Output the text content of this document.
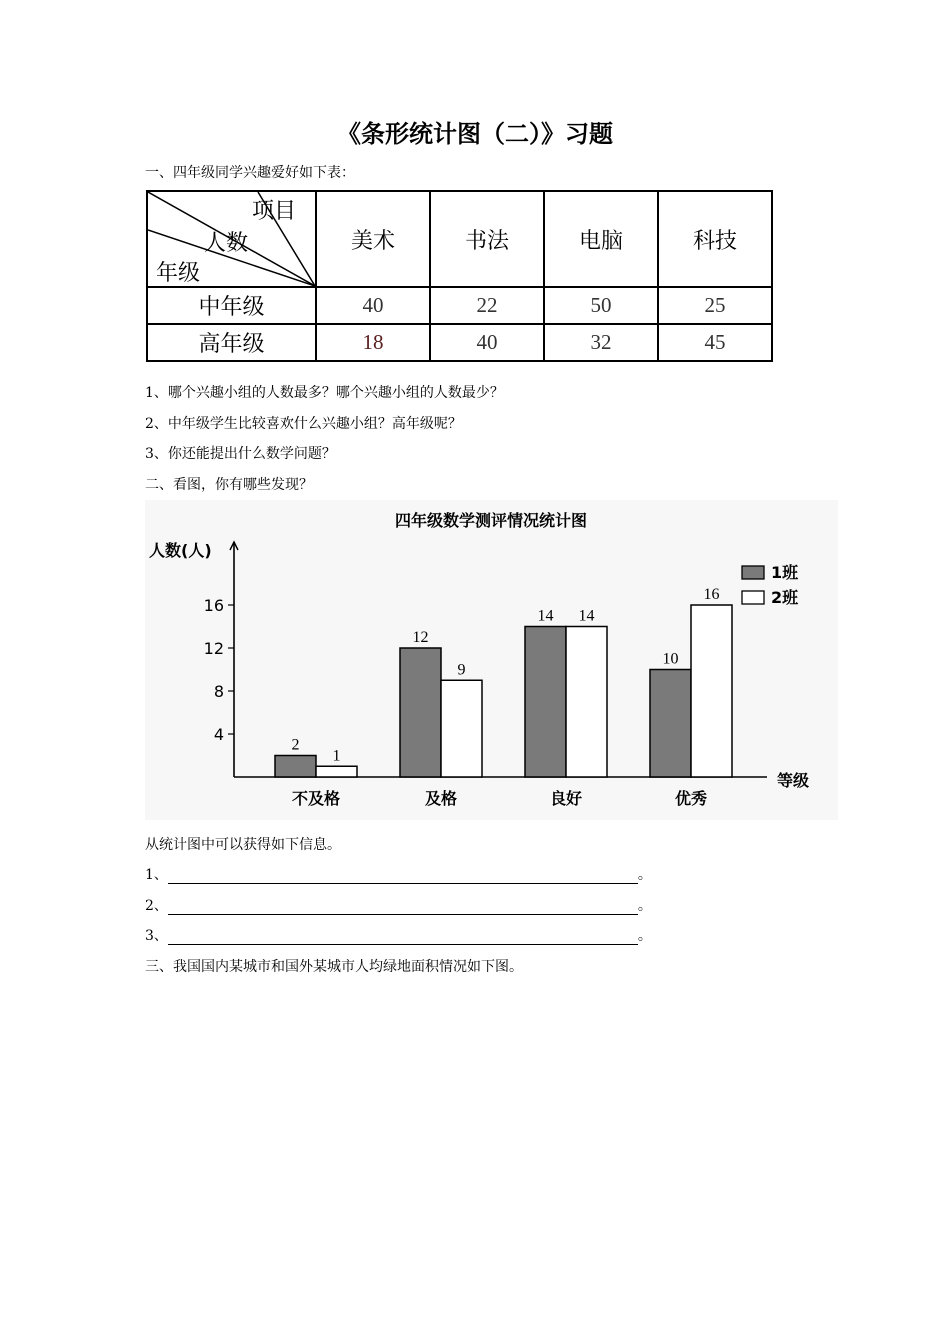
《条形统计图（二）》习题
一、四年级同学兴趣爱好如下表：
项目
人数
年级	美术	书法	电脑	科技
中年级	40	22	50	25
高年级	18	40	32	45
1、哪个兴趣小组的人数最多？哪个兴趣小组的人数最少？
2、中年级学生比较喜欢什么兴趣小组？高年级呢？
3、你还能提出什么数学问题？
二、看图，你有哪些发现？
四年级数学测评情况统计图
人数(人)
等级
4
8
12
16
2
1
不及格
12
9
及格
14 14
良好
10
16
优秀
1班
2班
从统计图中可以获得如下信息。
1、	。
2、	。
3、	。
三、我国国内某城市和国外某城市人均绿地面积情况如下图。
